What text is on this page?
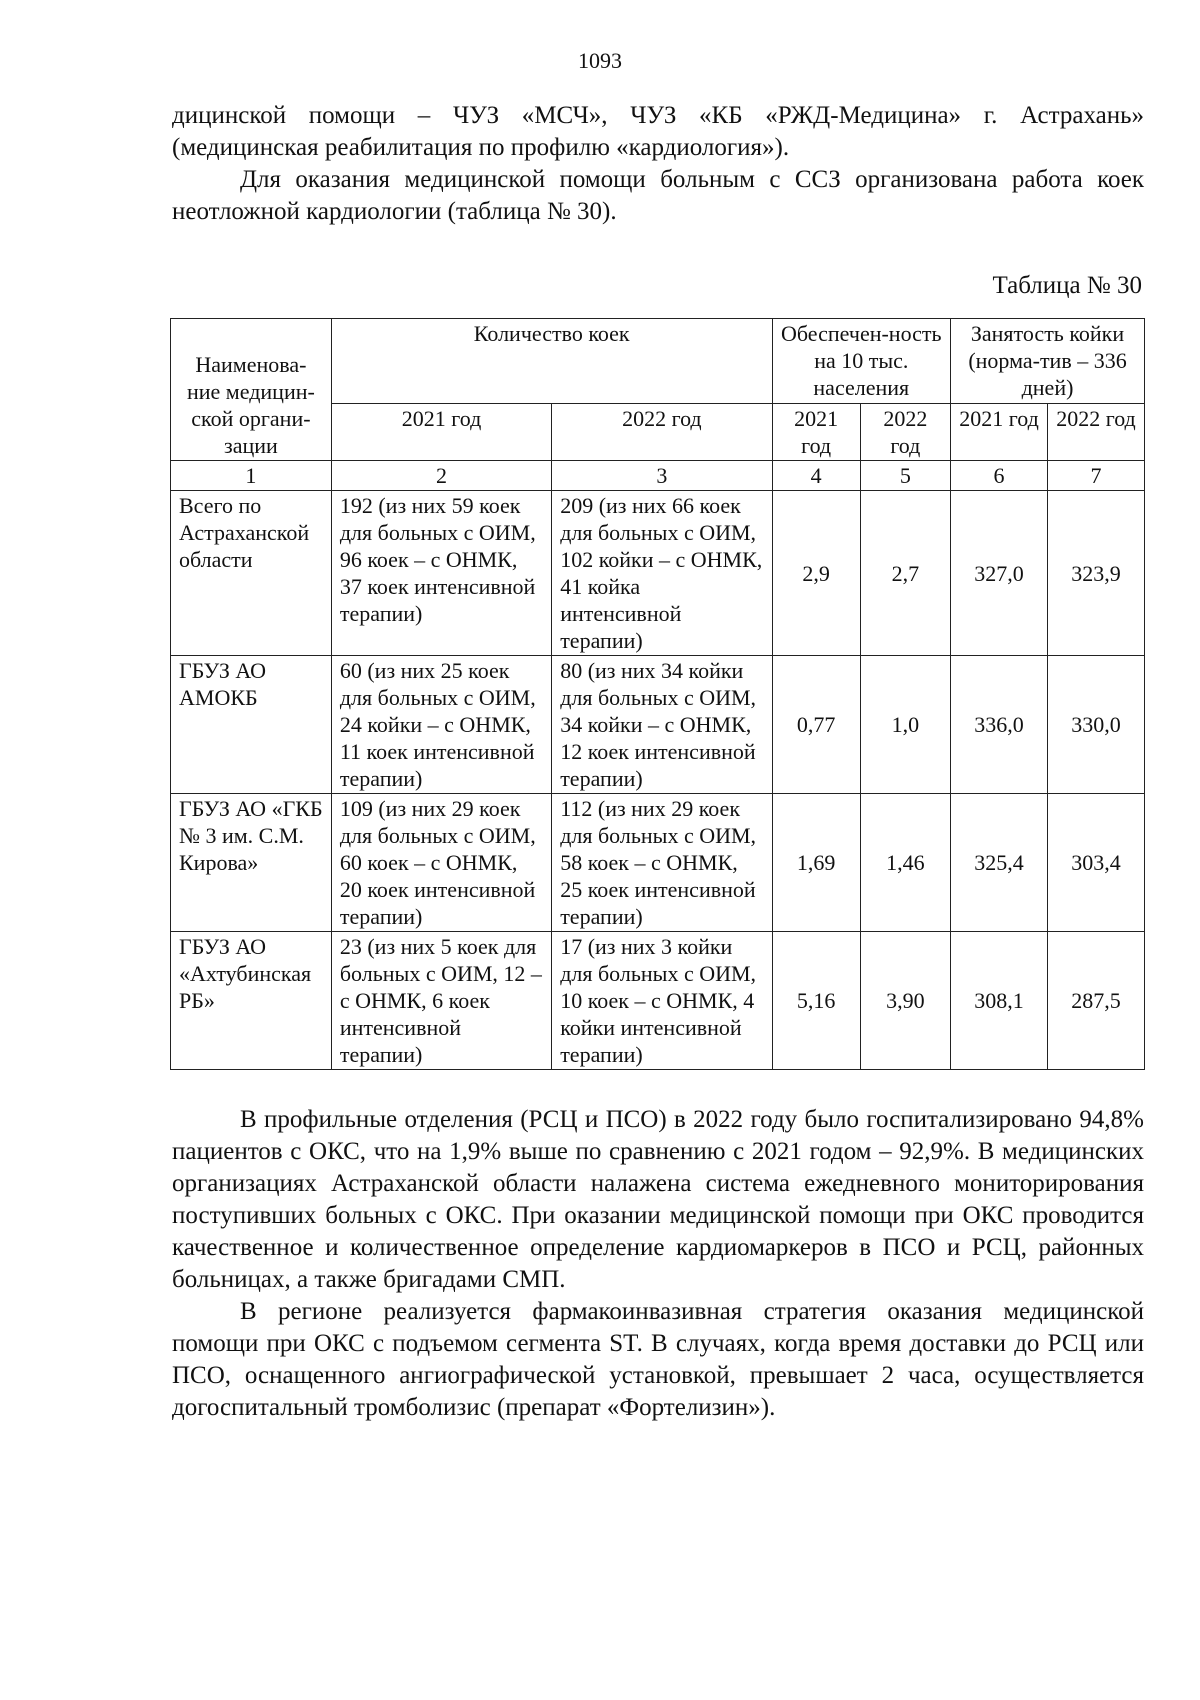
1093

дицинской помощи – ЧУЗ «МСЧ», ЧУЗ «КБ «РЖД-Медицина» г. Астрахань» (медицинская реабилитация по профилю «кардиология»).

Для оказания медицинской помощи больным с ССЗ организована работа коек неотложной кардиологии (таблица № 30).

Таблица № 30
Наименова-ние медицин-ской органи-зации	Количество коек		Обеспечен-ность на 10 тыс. населения		Занятость койки (норма-тив – 336 дней)	
	2021 год	2022 год	2021 год	2022 год	2021 год	2022 год
1	2	3	4	5	6	7
Всего по Астраханской области	192 (из них 59 коек для больных с ОИМ, 96 коек – с ОНМК, 37 коек интенсивной терапии)	209 (из них 66 коек для больных с ОИМ, 102 койки – с ОНМК, 41 койка интенсивной терапии)	2,9	2,7	327,0	323,9
ГБУЗ АО АМОКБ	60 (из них 25 коек для больных с ОИМ, 24 койки – с ОНМК, 11 коек интенсивной терапии)	80 (из них 34 койки для больных с ОИМ, 34 койки – с ОНМК, 12 коек интенсивной терапии)	0,77	1,0	336,0	330,0
ГБУЗ АО «ГКБ № 3 им. С.М. Кирова»	109 (из них 29 коек для больных с ОИМ, 60 коек – с ОНМК, 20 коек интенсивной терапии)	112 (из них 29 коек для больных с ОИМ, 58 коек – с ОНМК, 25 коек интенсивной терапии)	1,69	1,46	325,4	303,4
ГБУЗ АО «Ахтубинская РБ»	23 (из них 5 коек для больных с ОИМ, 12 – с ОНМК, 6 коек интенсивной терапии)	17 (из них 3 койки для больных с ОИМ, 10 коек – с ОНМК, 4 койки интенсивной терапии)	5,16	3,90	308,1	287,5

В профильные отделения (РСЦ и ПСО) в 2022 году было госпитализировано 94,8% пациентов с ОКС, что на 1,9% выше по сравнению с 2021 годом – 92,9%. В медицинских организациях Астраханской области налажена система ежедневного мониторирования поступивших больных с ОКС. При оказании медицинской помощи при ОКС проводится качественное и количественное определение кардиомаркеров в ПСО и РСЦ, районных больницах, а также бригадами СМП.

В регионе реализуется фармакоинвазивная стратегия оказания медицинской помощи при ОКС с подъемом сегмента ST. В случаях, когда время доставки до РСЦ или ПСО, оснащенного ангиографической установкой, превышает 2 часа, осуществляется догоспитальный тромболизис (препарат «Фортелизин»).
